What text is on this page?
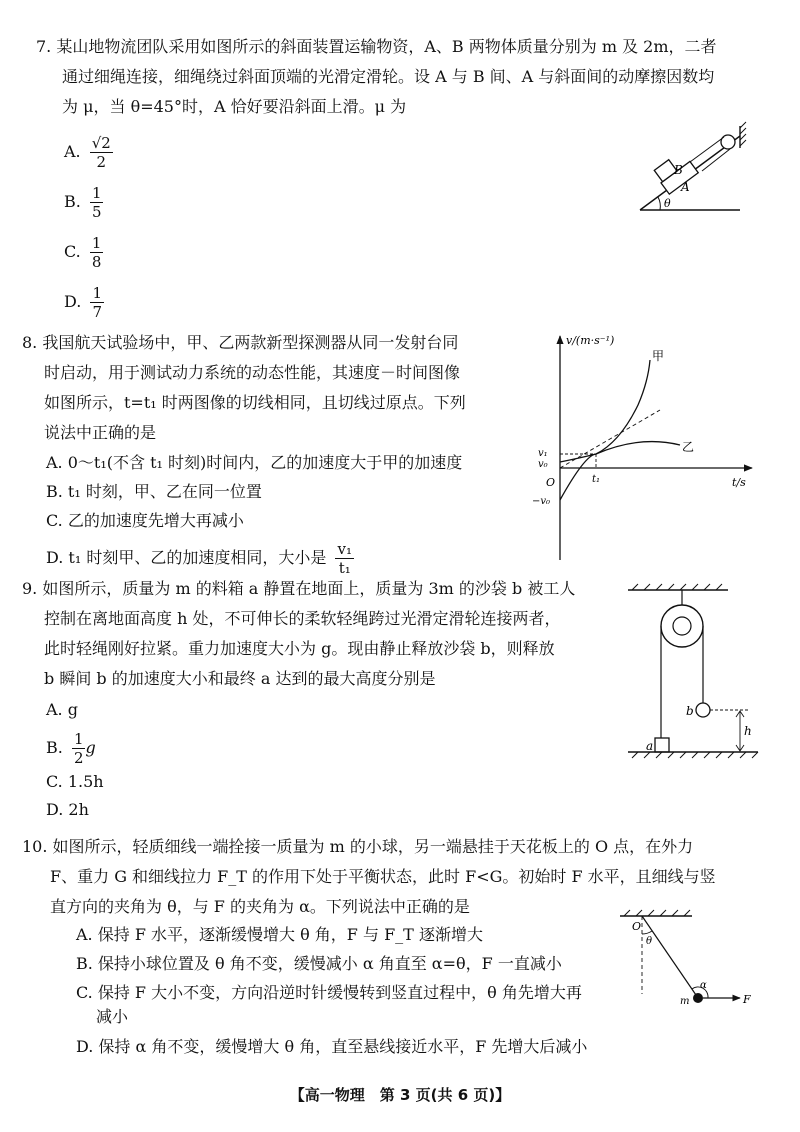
7. 某山地物流团队采用如图所示的斜面装置运输物资，A、B 两物体质量分别为 m 及 2m，二者
通过细绳连接，细绳绕过斜面顶端的光滑定滑轮。设 A 与 B 间、A 与斜面间的动摩擦因数均
为 μ，当 θ=45°时，A 恰好要沿斜面上滑。μ 为
A. $\frac{√2}{2}$
B. $\frac{1}{5}$
C. $\frac{1}{8}$
D. $\frac{1}{7}$
B
A
θ
8. 我国航天试验场中，甲、乙两款新型探测器从同一发射台同
时启动，用于测试动力系统的动态性能，其速度－时间图像
如图所示，t=t₁ 时两图像的切线相同，且切线过原点。下列
说法中正确的是
A. 0～t₁(不含 t₁ 时刻)时间内，乙的加速度大于甲的加速度
B. t₁ 时刻，甲、乙在同一位置
C. 乙的加速度先增大再减小
D. t₁ 时刻甲、乙的加速度相同，大小是 $\frac{\text{v₁}}{\text{t₁}}$
v/(m·s⁻¹)
t/s
O
甲
乙
v₁
v₀
−v₀
t₁
9. 如图所示，质量为 m 的料箱 a 静置在地面上，质量为 3m 的沙袋 b 被工人
控制在离地面高度 h 处，不可伸长的柔软轻绳跨过光滑定滑轮连接两者，
此时轻绳刚好拉紧。重力加速度大小为 g。现由静止释放沙袋 b，则释放
b 瞬间 b 的加速度大小和最终 a 达到的最大高度分别是
A. g
B. $\frac{1}{2}$ g
C. 1.5h
D. 2h
b
a
h
10. 如图所示，轻质细线一端拴接一质量为 m 的小球，另一端悬挂于天花板上的 O 点，在外力
F、重力 G 和细线拉力 F_T 的作用下处于平衡状态，此时 F<G。初始时 F 水平，且细线与竖
直方向的夹角为 θ，与 F 的夹角为 α。下列说法中正确的是
A. 保持 F 水平，逐渐缓慢增大 θ 角，F 与 F_T 逐渐增大
B. 保持小球位置及 θ 角不变，缓慢减小 α 角直至 α=θ，F 一直减小
C. 保持 F 大小不变，方向沿逆时针缓慢转到竖直过程中，θ 角先增大再
减小
D. 保持 α 角不变，缓慢增大 θ 角，直至悬线接近水平，F 先增大后减小
O
θ
α
m	F
【高一物理　第 3 页(共 6 页)】
